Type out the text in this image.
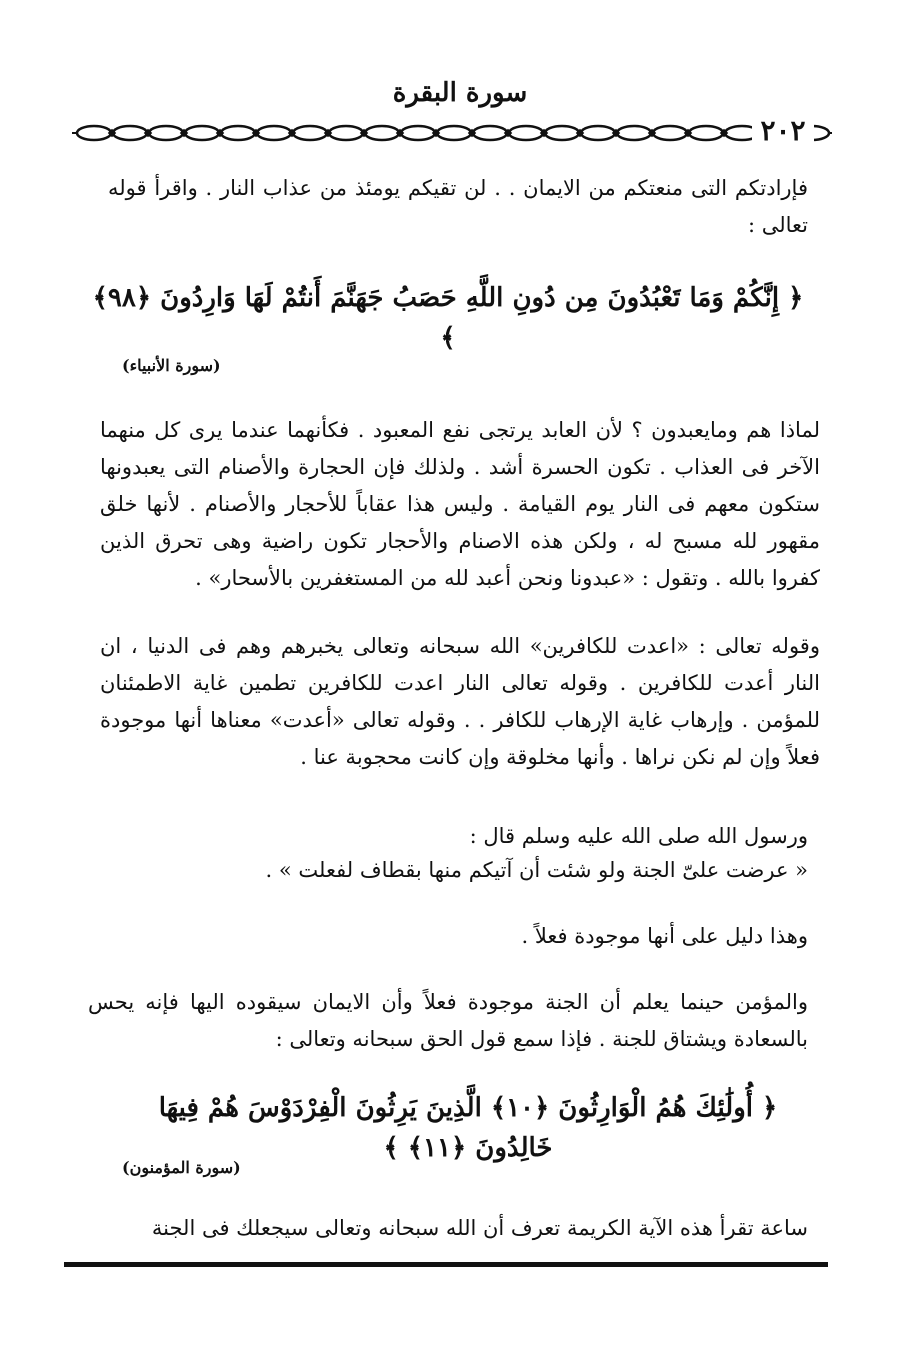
سورة البقرة
٢٠٢
فإرادتكم التى منعتكم من الايمان . . لن تقيكم يومئذ من عذاب النار . واقرأ قوله تعالى :
﴿ إِنَّكُمْ وَمَا تَعْبُدُونَ مِن دُونِ اللَّهِ حَصَبُ جَهَنَّمَ أَنتُمْ لَهَا وَارِدُونَ ﴿٩٨﴾ ﴾
(سورة الأنبياء)
لماذا هم ومايعبدون ؟ لأن العابد يرتجى نفع المعبود . فكأنهما عندما يرى كل منهما الآخر فى العذاب . تكون الحسرة أشد . ولذلك فإن الحجارة والأصنام التى يعبدونها ستكون معهم فى النار يوم القيامة . وليس هذا عقاباً للأحجار والأصنام . لأنها خلق مقهور لله مسبح له ، ولكن هذه الاصنام والأحجار تكون راضية وهى تحرق الذين كفروا بالله . وتقول : «عبدونا ونحن أعبد لله من المستغفرين بالأسحار» .
وقوله تعالى : «اعدت للكافرين» الله سبحانه وتعالى يخبرهم وهم فى الدنيا ، ان النار أعدت للكافرين . وقوله تعالى النار اعدت للكافرين تطمين غاية الاطمئنان للمؤمن . وإرهاب غاية الإرهاب للكافر . . وقوله تعالى «أعدت» معناها أنها موجودة فعلاً وإن لم نكن نراها . وأنها مخلوقة وإن كانت محجوبة عنا .
ورسول الله صلى الله عليه وسلم قال :
« عرضت علىّ الجنة ولو شئت أن آتيكم منها بقطاف لفعلت » .
وهذا دليل على أنها موجودة فعلاً .
والمؤمن حينما يعلم أن الجنة موجودة فعلاً وأن الايمان سيقوده اليها فإنه يحس بالسعادة ويشتاق للجنة . فإذا سمع قول الحق سبحانه وتعالى :
﴿ أُولَٰئِكَ هُمُ الْوَارِثُونَ ﴿١٠﴾ الَّذِينَ يَرِثُونَ الْفِرْدَوْسَ هُمْ فِيهَا خَالِدُونَ ﴿١١﴾ ﴾
(سورة المؤمنون)
ساعة تقرأ هذه الآية الكريمة تعرف أن الله سبحانه وتعالى سيجعلك فى الجنة
